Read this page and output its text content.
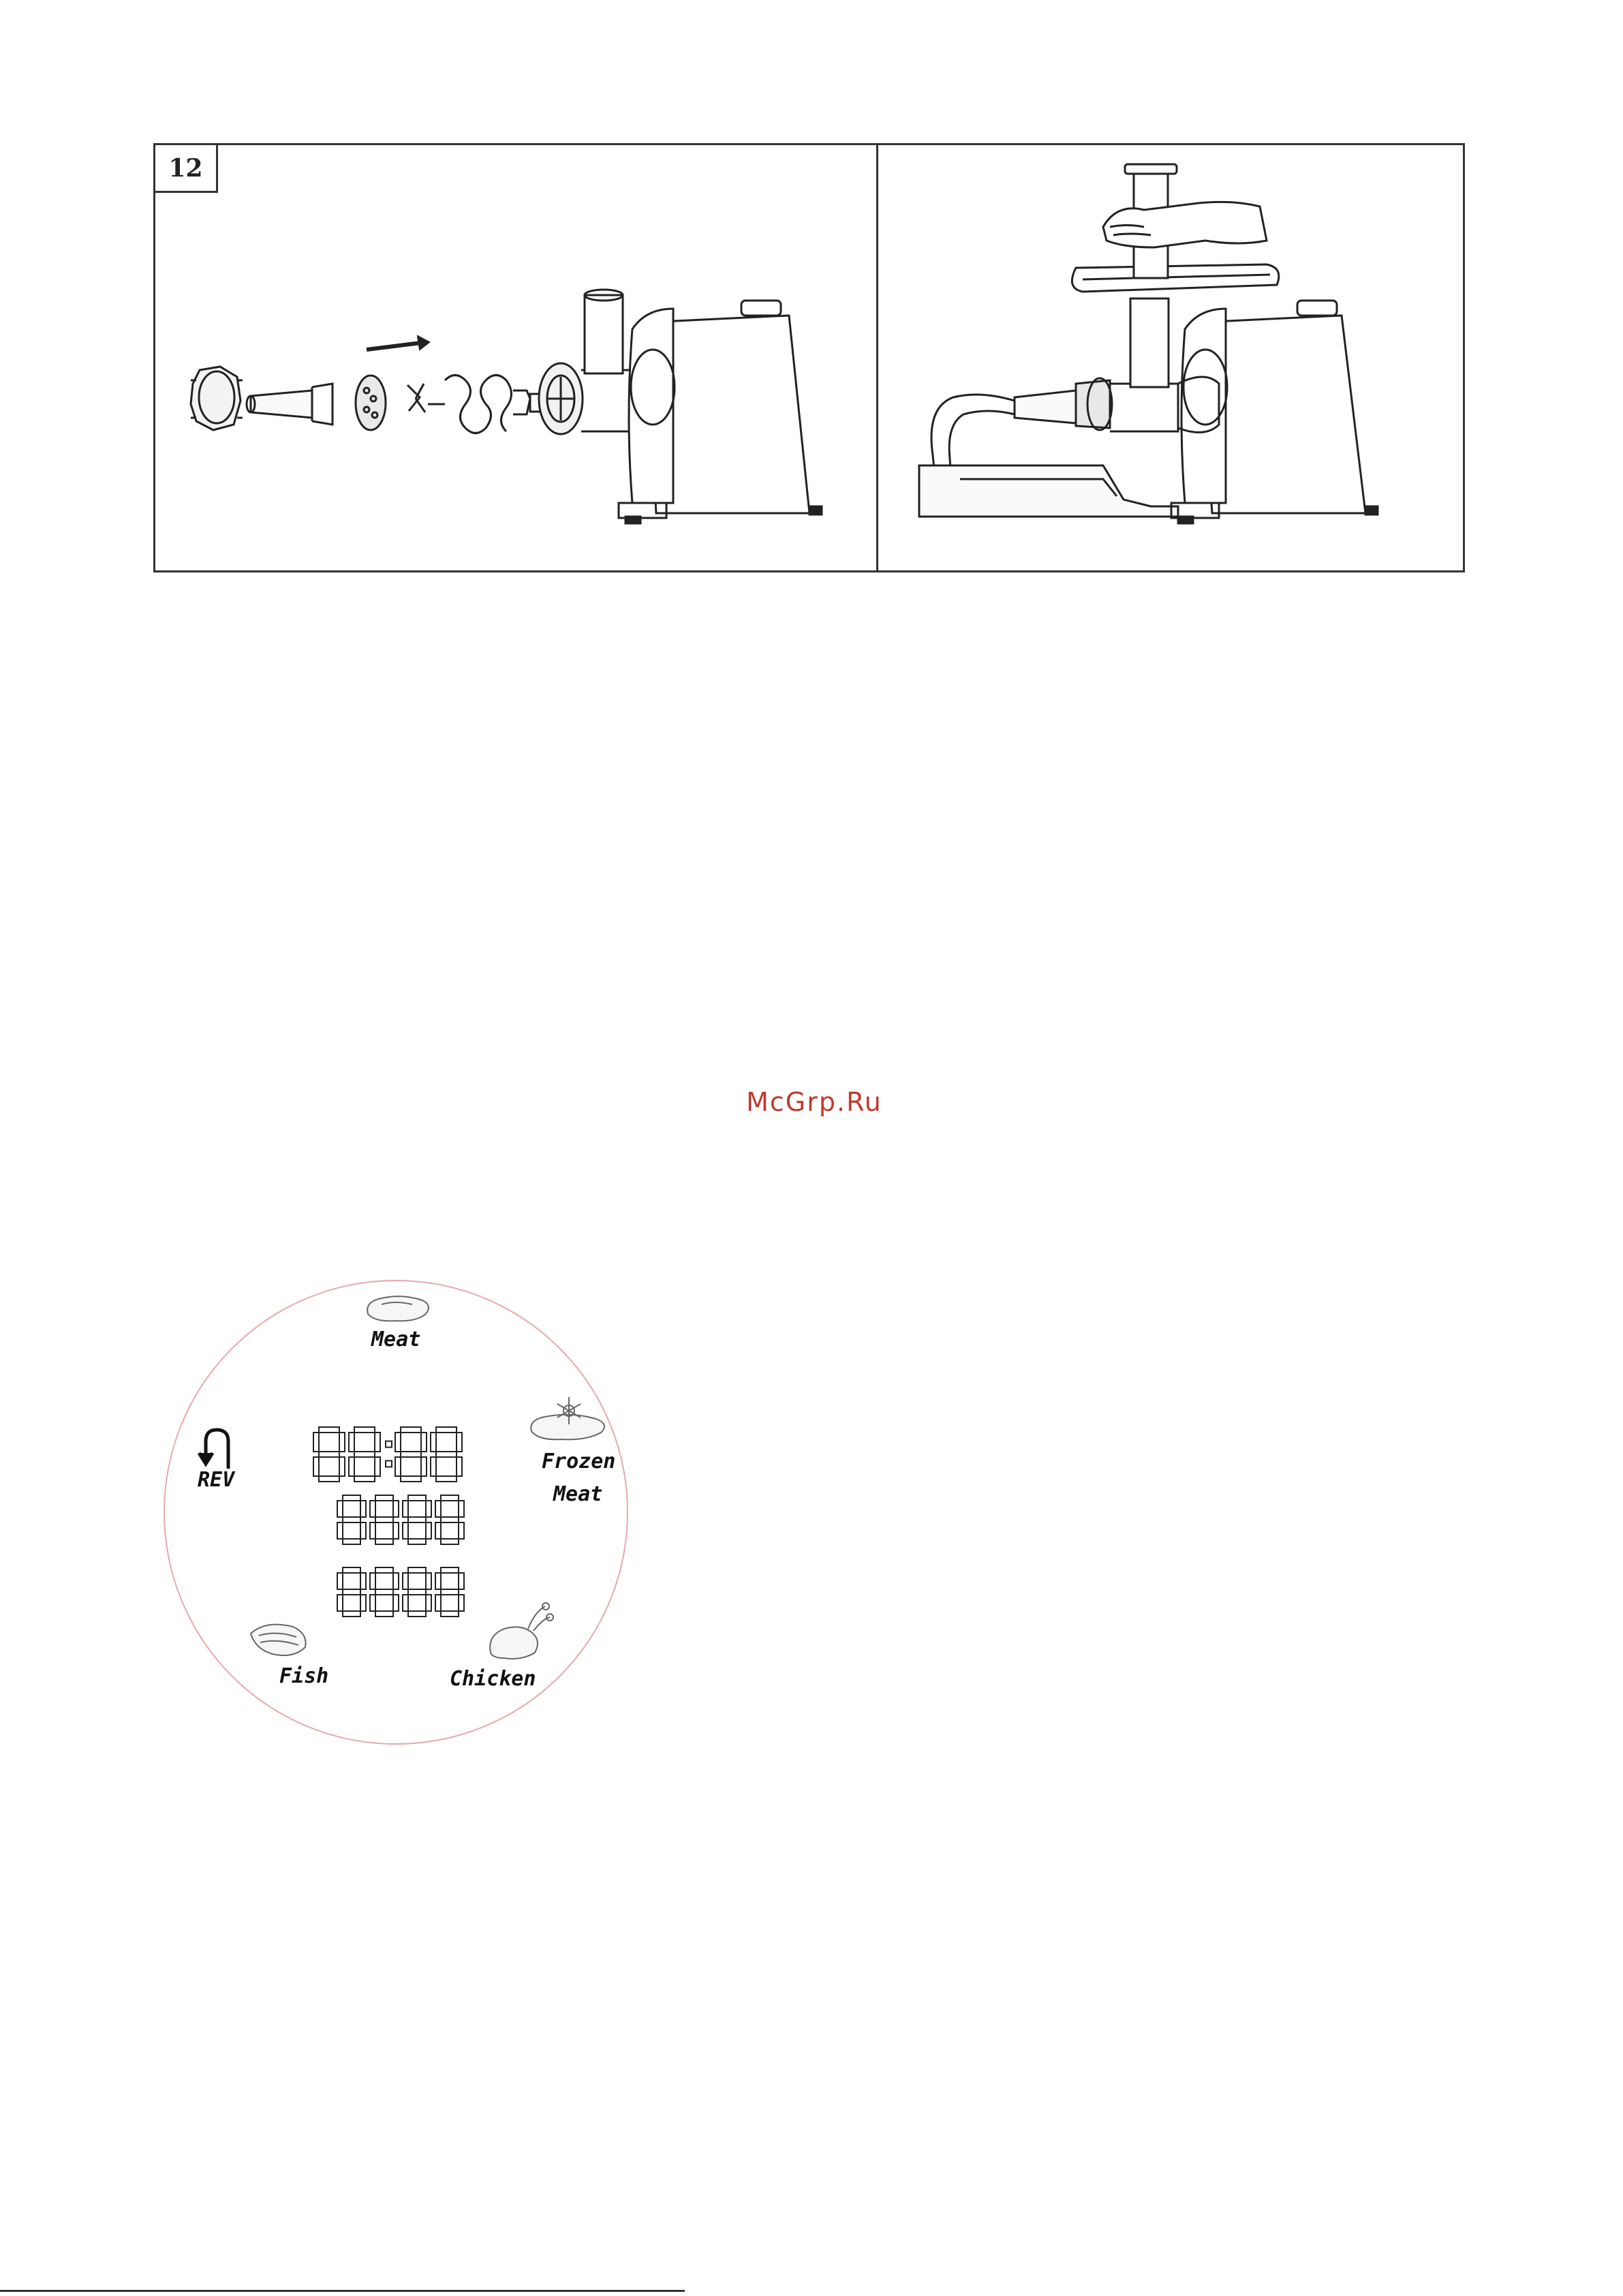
12
McGrp.Ru
Meat
Frozen
Meat
REV
Fish	Chicken
